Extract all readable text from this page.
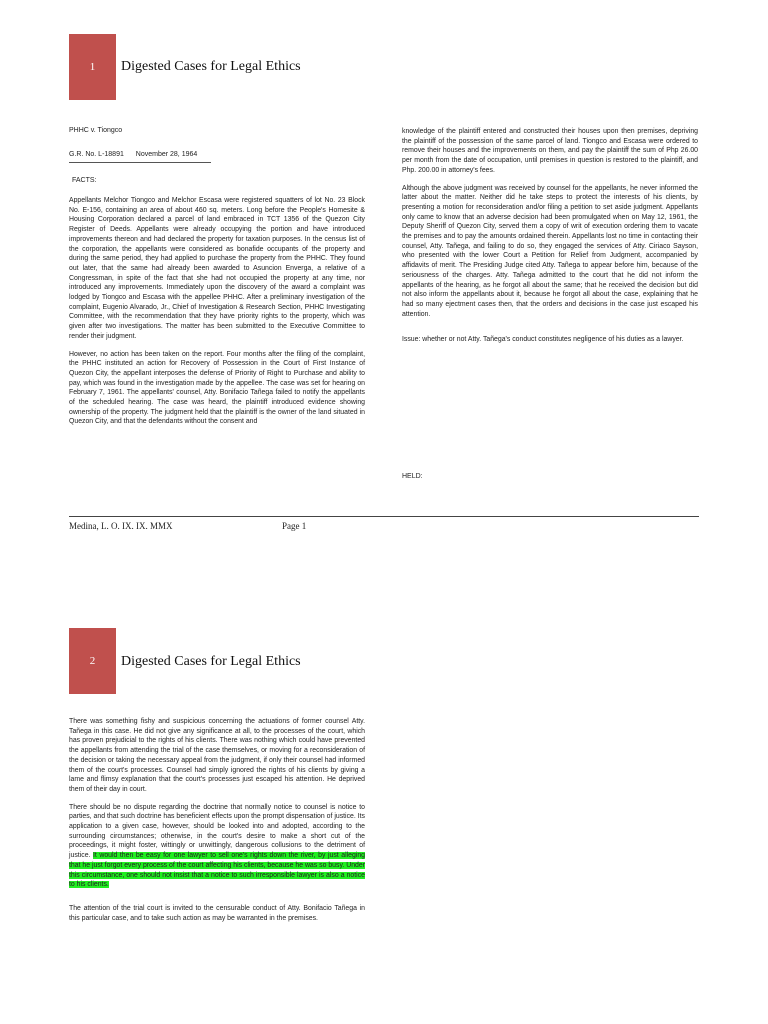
1	Digested Cases for Legal Ethics
PHHC v. Tiongco
G.R. No. L-18891 November 28, 1964
FACTS:

Appellants Melchor Tiongco and Melchor Escasa were registered squatters of lot No. 23 Block No. E-156, containing an area of about 460 sq. meters. Long before the People's Homesite & Housing Corporation declared a parcel of land embraced in TCT 1356 of the Quezon City Register of Deeds. Appellants were already occupying the portion and have introduced improvements thereon and had declared the property for taxation purposes. In the census list of the corporation, the appellants were considered as bonafide occupants of the property and during the same period, they had applied to purchase the property from the PHHC. They found out later, that the same had already been awarded to Asuncion Enverga, a relative of a Congressman, in spite of the fact that she had not occupied the property at any time, nor introduced any improvements. Immediately upon the discovery of the award a complaint was lodged by Tiongco and Escasa with the appellee PHHC. After a preliminary investigation of the complaint, Eugenio Alvarado, Jr., Chief of Investigation & Research Section, PHHC Investigating Committee, with the recommendation that they have priority rights to the property, which was given after two investigations. The matter has been submitted to the Executive Committee to render their judgment.

However, no action has been taken on the report. Four months after the filing of the complaint, the PHHC instituted an action for Recovery of Possession in the Court of First Instance of Quezon City, the appellant interposes the defense of Priority of Right to Purchase and ability to pay, which was found in the investigation made by the appellee. The case was set for hearing on February 7, 1961. The appellants' counsel, Atty. Bonifacio Tañega failed to notify the appellants of the scheduled hearing. The case was heard, the plaintiff introduced evidence showing ownership of the property. The judgment held that the plaintiff is the owner of the land situated in Quezon City, and that the defendants without the consent and

knowledge of the plaintiff entered and constructed their houses upon then premises, depriving the plaintiff of the possession of the same parcel of land. Tiongco and Escasa were ordered to remove their houses and the improvements on them, and pay the plaintiff the sum of Php 26.00 per month from the date of occupation, until premises in question is restored to the plaintiff, and Php. 200.00 in attorney's fees.

Although the above judgment was received by counsel for the appellants, he never informed the latter about the matter. Neither did he take steps to protect the interests of his clients, by presenting a motion for reconsideration and/or filing a petition to set aside judgment. Appellants only came to know that an adverse decision had been promulgated when on May 12, 1961, the Deputy Sheriff of Quezon City, served them a copy of writ of execution ordering them to vacate the premises and to pay the amounts ordained therein. Appellants lost no time in contacting their counsel, Atty. Tañega, and failing to do so, they engaged the services of Atty. Ciriaco Sayson, who presented with the lower Court a Petition for Relief from Judgment, accompanied by affidavits of merit. The Presiding Judge cited Atty. Tañega to appear before him, because of the seriousness of the charges. Atty. Tañega admitted to the court that he did not inform the appellants of the hearing, as he forgot all about the same; that he received the decision but did not also inform the appellants about it, because he forgot all about the case, explaining that he had so many ejectment cases then, that the orders and decisions in the case just escaped his attention.

Issue: whether or not Atty. Tañega's conduct constitutes negligence of his duties as a lawyer.

HELD:
Medina, L. O. IX. IX. MMX	Page 1
2	Digested Cases for Legal Ethics

There was something fishy and suspicious concerning the actuations of former counsel Atty. Tañega in this case. He did not give any significance at all, to the processes of the court, which has proven prejudicial to the rights of his clients. There was nothing which could have prevented the appellants from attending the trial of the case themselves, or moving for a reconsideration of the decision or taking the necessary appeal from the judgment, if only their counsel had informed them of the court's processes. Counsel had simply ignored the rights of his clients by giving a lame and flimsy explanation that the court's processes just escaped his attention. He deprived them of their day in court.

There should be no dispute regarding the doctrine that normally notice to counsel is notice to parties, and that such doctrine has beneficient effects upon the prompt dispensation of justice. Its application to a given case, however, should be looked into and adopted, according to the surrounding circumstances; otherwise, in the court's desire to make a short cut of the proceedings, it might foster, wittingly or unwittingly, dangerous collusions to the detriment of justice. It would then be easy for one lawyer to sell one's rights down the river, by just alleging that he just forgot every process of the court affecting his clients, because he was so busy. Under this circumstance, one should not insist that a notice to such irresponsible lawyer is also a notice to his clients.

The attention of the trial court is invited to the censurable conduct of Atty. Bonifacio Tañega in this particular case, and to take such action as may be warranted in the premises.
